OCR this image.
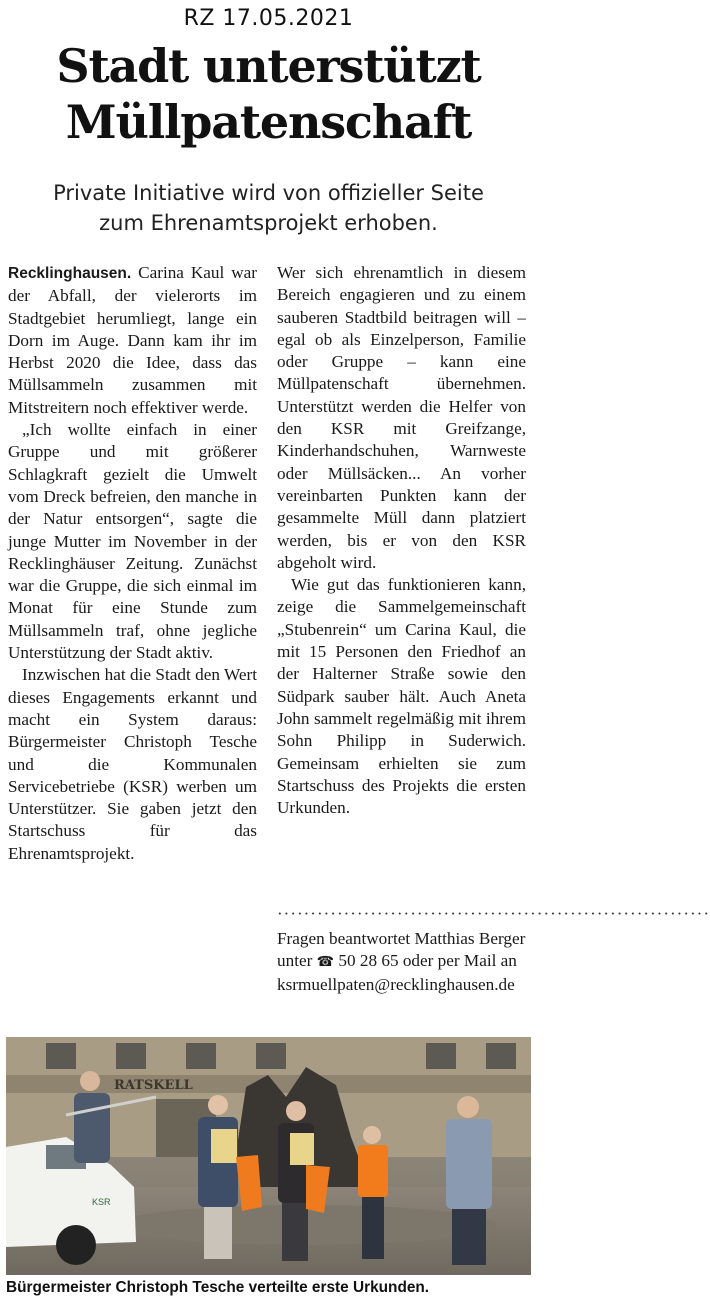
RZ 17.05.2021
Stadt unterstützt
Müllpatenschaft
Private Initiative wird von offizieller Seite
zum Ehrenamtsprojekt erhoben.

Recklinghausen. Carina Kaul war der Abfall, der vielerorts im Stadtgebiet herumliegt, lange ein Dorn im Auge. Dann kam ihr im Herbst 2020 die Idee, dass das Müllsammeln zusammen mit Mitstreitern noch effektiver werde.

„Ich wollte einfach in einer Gruppe und mit größerer Schlagkraft gezielt die Umwelt vom Dreck befreien, den manche in der Natur entsorgen“, sagte die junge Mutter im November in der Recklinghäuser Zeitung. Zunächst war die Gruppe, die sich einmal im Monat für eine Stunde zum Müllsammeln traf, ohne jegliche Unterstützung der Stadt aktiv.

Inzwischen hat die Stadt den Wert dieses Engagements erkannt und macht ein System daraus: Bürgermeister Christoph Tesche und die Kommunalen Servicebetriebe (KSR) werben um Unterstützer. Sie gaben jetzt den Startschuss für das Ehrenamtsprojekt.

Wer sich ehrenamtlich in diesem Bereich engagieren und zu einem sauberen Stadtbild beitragen will – egal ob als Einzelperson, Familie oder Gruppe – kann eine Müllpatenschaft übernehmen. Unterstützt werden die Helfer von den KSR mit Greifzange, Kinderhandschuhen, Warnweste oder Müllsäcken... An vorher vereinbarten Punkten kann der gesammelte Müll dann platziert werden, bis er von den KSR abgeholt wird.

Wie gut das funktionieren kann, zeige die Sammelgemeinschaft „Stubenrein“ um Carina Kaul, die mit 15 Personen den Friedhof an der Halterner Straße sowie den Südpark sauber hält. Auch Aneta John sammelt regelmäßig mit ihrem Sohn Philipp in Suderwich. Gemeinsam erhielten sie zum Startschuss des Projekts die ersten Urkunden.

·································································

Fragen beantwortet Matthias Berger unter ☎ 50 28 65 oder per Mail an ksrmuellpaten@recklinghausen.de

RATSKELL
KSR
Bürgermeister Christoph Tesche verteilte erste Urkunden.
